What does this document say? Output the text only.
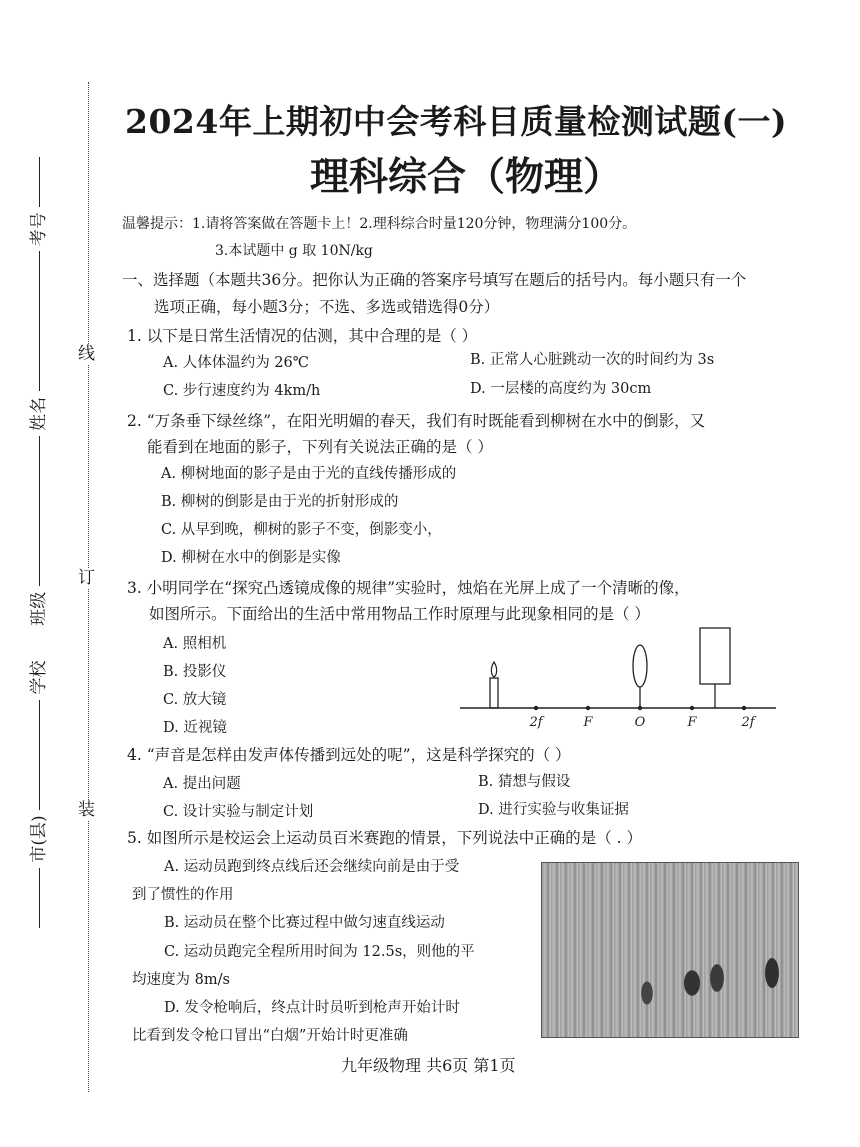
线
订
装
市(县)  学校  班级  姓名  考号
2024年上期初中会考科目质量检测试题(一)
理科综合（物理）
温馨提示：1.请将答案做在答题卡上！2.理科综合时量120分钟，物理满分100分。
3.本试题中 g 取 10N/kg
一、选择题（本题共36分。把你认为正确的答案序号填写在题后的括号内。每小题只有一个
选项正确，每小题3分；不选、多选或错选得0分）
1. 以下是日常生活情况的估测，其中合理的是（ ）
A. 人体体温约为 26℃	B. 正常人心脏跳动一次的时间约为 3s
C. 步行速度约为 4km/h	D. 一层楼的高度约为 30cm
2. “万条垂下绿丝绦”，在阳光明媚的春天，我们有时既能看到柳树在水中的倒影，又
能看到在地面的影子，下列有关说法正确的是（ ）
A. 柳树地面的影子是由于光的直线传播形成的
B. 柳树的倒影是由于光的折射形成的
C. 从早到晚，柳树的影子不变，倒影变小，
D. 柳树在水中的倒影是实像
3. 小明同学在“探究凸透镜成像的规律”实验时，烛焰在光屏上成了一个清晰的像，
如图所示。下面给出的生活中常用物品工作时原理与此现象相同的是（ ）
A. 照相机
B. 投影仪
C. 放大镜
D. 近视镜	2f	F	O	F	2f
4. “声音是怎样由发声体传播到远处的呢”，这是科学探究的（ ）
A. 提出问题	B. 猜想与假设
C. 设计实验与制定计划	D. 进行实验与收集证据
5. 如图所示是校运会上运动员百米赛跑的情景，下列说法中正确的是（ . ）
A. 运动员跑到终点线后还会继续向前是由于受
到了惯性的作用
B. 运动员在整个比赛过程中做匀速直线运动
C. 运动员跑完全程所用时间为 12.5s，则他的平
均速度为 8m/s
D. 发令枪响后，终点计时员听到枪声开始计时
比看到发令枪口冒出“白烟”开始计时更准确
九年级物理 共6页 第1页
